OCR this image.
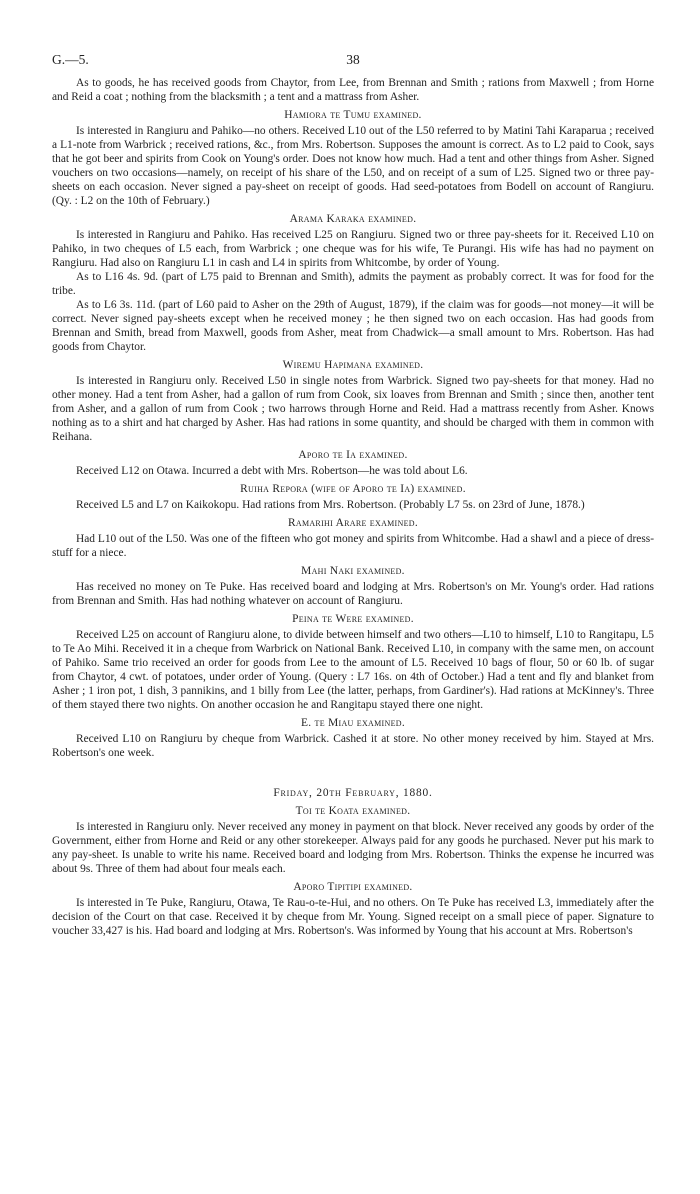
G.—5.	38

As to goods, he has received goods from Chaytor, from Lee, from Brennan and Smith ; rations from Maxwell ; from Horne and Reid a coat ; nothing from the blacksmith ; a tent and a mattrass from Asher.

Hamiora te Tumu examined.

Is interested in Rangiuru and Pahiko—no others. Received L10 out of the L50 referred to by Matini Tahi Karaparua ; received a L1-note from Warbrick ; received rations, &c., from Mrs. Robertson. Supposes the amount is correct. As to L2 paid to Cook, says that he got beer and spirits from Cook on Young's order. Does not know how much. Had a tent and other things from Asher. Signed vouchers on two occasions—namely, on receipt of his share of the L50, and on receipt of a sum of L25. Signed two or three pay-sheets on each occasion. Never signed a pay-sheet on receipt of goods. Had seed-potatoes from Bodell on account of Rangiuru. (Qy. : L2 on the 10th of February.)

Arama Karaka examined.

Is interested in Rangiuru and Pahiko. Has received L25 on Rangiuru. Signed two or three pay-sheets for it. Received L10 on Pahiko, in two cheques of L5 each, from Warbrick ; one cheque was for his wife, Te Purangi. His wife has had no payment on Rangiuru. Had also on Rangiuru L1 in cash and L4 in spirits from Whitcombe, by order of Young.

As to L16 4s. 9d. (part of L75 paid to Brennan and Smith), admits the payment as probably correct. It was for food for the tribe.

As to L6 3s. 11d. (part of L60 paid to Asher on the 29th of August, 1879), if the claim was for goods—not money—it will be correct. Never signed pay-sheets except when he received money ; he then signed two on each occasion. Has had goods from Brennan and Smith, bread from Maxwell, goods from Asher, meat from Chadwick—a small amount to Mrs. Robertson. Has had goods from Chaytor.

Wiremu Hapimana examined.

Is interested in Rangiuru only. Received L50 in single notes from Warbrick. Signed two pay-sheets for that money. Had no other money. Had a tent from Asher, had a gallon of rum from Cook, six loaves from Brennan and Smith ; since then, another tent from Asher, and a gallon of rum from Cook ; two harrows through Horne and Reid. Had a mattrass recently from Asher. Knows nothing as to a shirt and hat charged by Asher. Has had rations in some quantity, and should be charged with them in common with Reihana.

Aporo te Ia examined.

Received L12 on Otawa. Incurred a debt with Mrs. Robertson—he was told about L6.

Ruiha Repora (wife of Aporo te Ia) examined.

Received L5 and L7 on Kaikokopu. Had rations from Mrs. Robertson. (Probably L7 5s. on 23rd of June, 1878.)

Ramarihi Arare examined.

Had L10 out of the L50. Was one of the fifteen who got money and spirits from Whitcombe. Had a shawl and a piece of dress-stuff for a niece.

Mahi Naki examined.

Has received no money on Te Puke. Has received board and lodging at Mrs. Robertson's on Mr. Young's order. Had rations from Brennan and Smith. Has had nothing whatever on account of Rangiuru.

Peina te Were examined.

Received L25 on account of Rangiuru alone, to divide between himself and two others—L10 to himself, L10 to Rangitapu, L5 to Te Ao Mihi. Received it in a cheque from Warbrick on National Bank. Received L10, in company with the same men, on account of Pahiko. Same trio received an order for goods from Lee to the amount of L5. Received 10 bags of flour, 50 or 60 lb. of sugar from Chaytor, 4 cwt. of potatoes, under order of Young. (Query : L7 16s. on 4th of October.) Had a tent and fly and blanket from Asher ; 1 iron pot, 1 dish, 3 pannikins, and 1 billy from Lee (the latter, perhaps, from Gardiner's). Had rations at McKinney's. Three of them stayed there two nights. On another occasion he and Rangitapu stayed there one night.

E. te Miau examined.

Received L10 on Rangiuru by cheque from Warbrick. Cashed it at store. No other money received by him. Stayed at Mrs. Robertson's one week.

Friday, 20th February, 1880.
Toi te Koata examined.

Is interested in Rangiuru only. Never received any money in payment on that block. Never received any goods by order of the Government, either from Horne and Reid or any other storekeeper. Always paid for any goods he purchased. Never put his mark to any pay-sheet. Is unable to write his name. Received board and lodging from Mrs. Robertson. Thinks the expense he incurred was about 9s. Three of them had about four meals each.

Aporo Tipitipi examined.

Is interested in Te Puke, Rangiuru, Otawa, Te Rau-o-te-Hui, and no others. On Te Puke has received L3, immediately after the decision of the Court on that case. Received it by cheque from Mr. Young. Signed receipt on a small piece of paper. Signature to voucher 33,427 is his. Had board and lodging at Mrs. Robertson's. Was informed by Young that his account at Mrs. Robertson's
